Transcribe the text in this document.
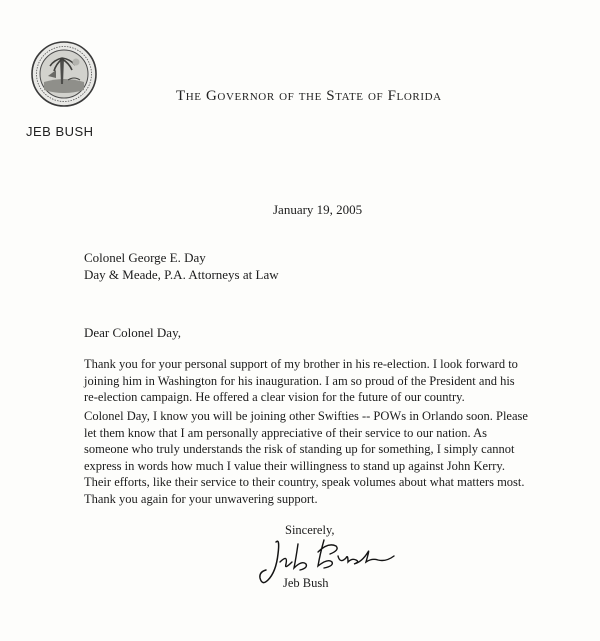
JEB BUSH
The Governor of the State of Florida
January 19, 2005
Colonel George E. Day
Day & Meade, P.A. Attorneys at Law
Dear Colonel Day,

Thank you for your personal support of my brother in his re-election. I look forward to
joining him in Washington for his inauguration. I am so proud of the President and his
re-election campaign. He offered a clear vision for the future of our country.

Colonel Day, I know you will be joining other Swifties -- POWs in Orlando soon. Please
let them know that I am personally appreciative of their service to our nation. As
someone who truly understands the risk of standing up for something, I simply cannot
express in words how much I value their willingness to stand up against John Kerry.
Their efforts, like their service to their country, speak volumes about what matters most.

Thank you again for your unwavering support.

Sincerely,
Jeb Bush
